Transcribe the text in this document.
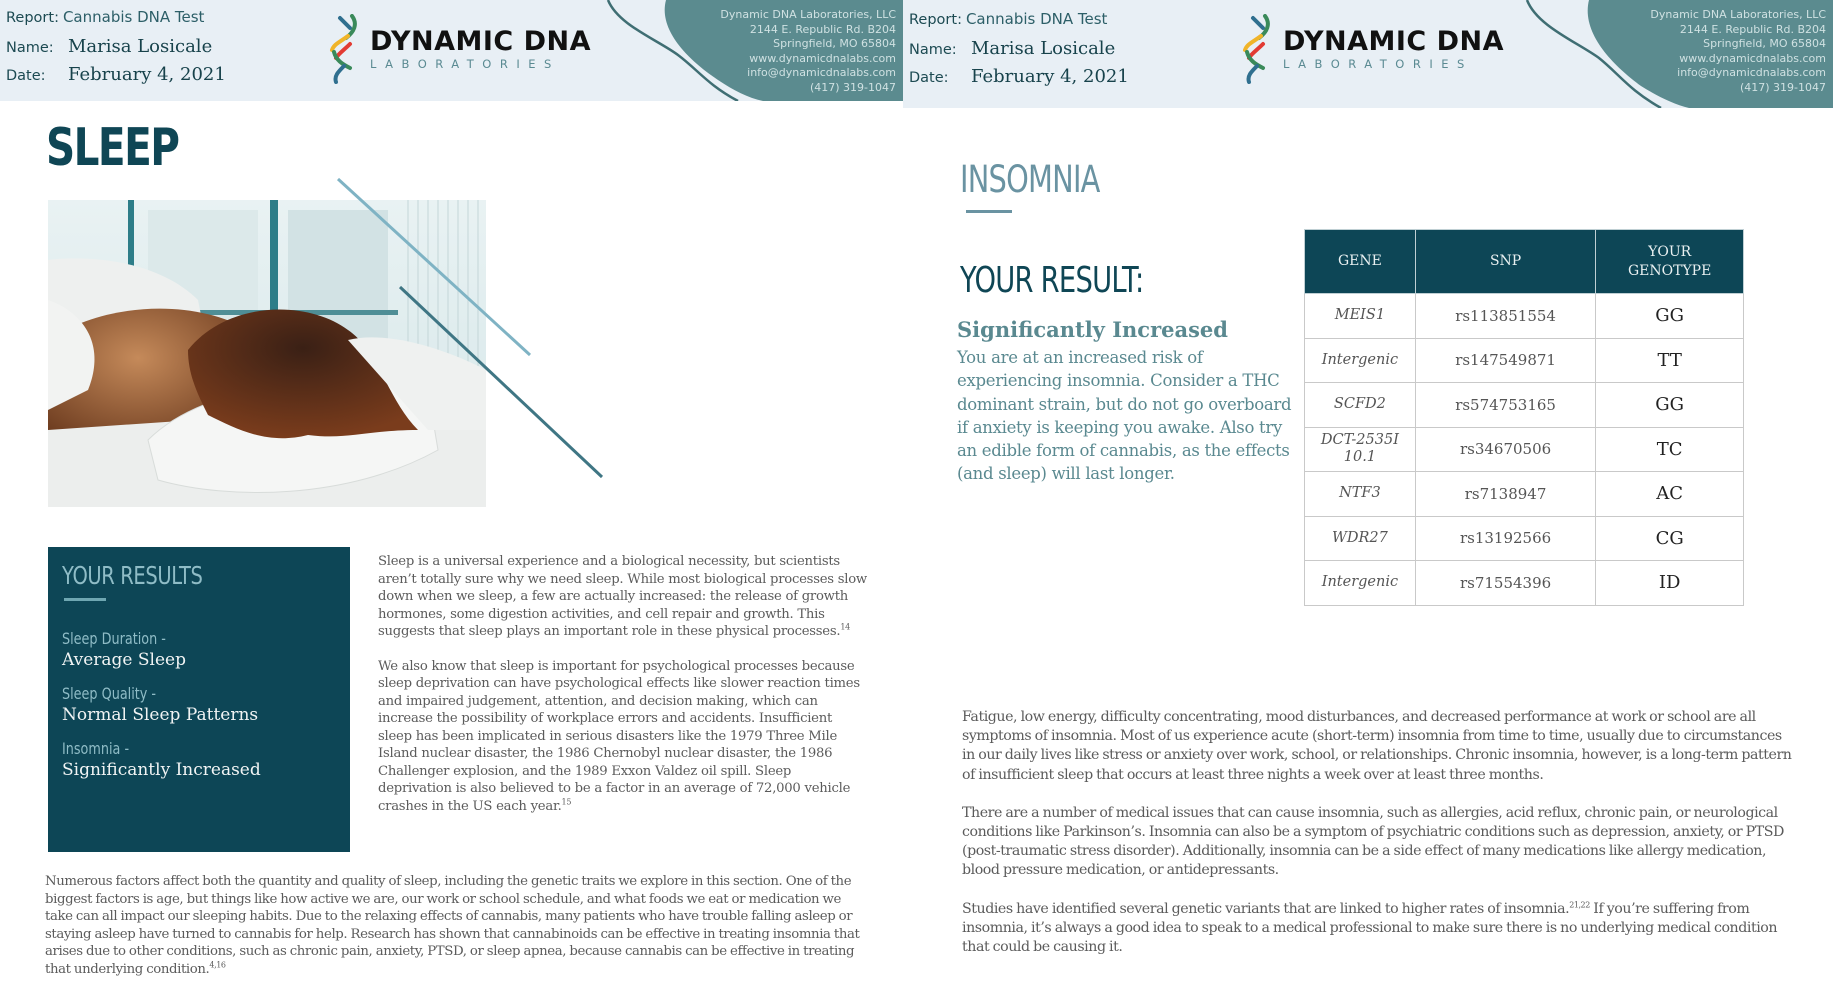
Report: Cannabis DNA Test
Name: Marisa Losicale
Date:	February 4, 2021
DYNAMIC DNA
LABORATORIES
Dynamic DNA Laboratories, LLC
2144 E. Republic Rd. B204
Springfield, MO 65804
www.dynamicdnalabs.com
info@dynamicdnalabs.com
(417) 319-1047
SLEEP
YOUR RESULTS
Sleep Duration -
Average Sleep
Sleep Quality -
Normal Sleep Patterns
Insomnia -
Significantly Increased

Sleep is a universal experience and a biological necessity, but scientists aren’t totally sure why we need sleep. While most biological processes slow down when we sleep, a few are actually increased: the release of growth hormones, some digestion activities, and cell repair and growth. This suggests that sleep plays an important role in these physical processes.$^{14}$

We also know that sleep is important for psychological processes because sleep deprivation can have psychological effects like slower reaction times and impaired judgement, attention, and decision making, which can increase the possibility of workplace errors and accidents. Insufficient sleep has been implicated in serious disasters like the 1979 Three Mile Island nuclear disaster, the 1986 Chernobyl nuclear disaster, the 1986 Challenger explosion, and the 1989 Exxon Valdez oil spill. Sleep deprivation is also believed to be a factor in an average of 72,000 vehicle crashes in the US each year.$^{15}$

Numerous factors affect both the quantity and quality of sleep, including the genetic traits we explore in this section. One of the biggest factors is age, but things like how active we are, our work or school schedule, and what foods we eat or medication we take can all impact our sleeping habits. Due to the relaxing effects of cannabis, many patients who have trouble falling asleep or staying asleep have turned to cannabis for help. Research has shown that cannabinoids can be effective in treating insomnia that arises due to other conditions, such as chronic pain, anxiety, PTSD, or sleep apnea, because cannabis can be effective in treating that underlying condition.$^{4,16}$

Report: Cannabis DNA Test
Name: Marisa Losicale
Date:	February 4, 2021
DYNAMIC DNA
LABORATORIES
Dynamic DNA Laboratories, LLC
2144 E. Republic Rd. B204
Springfield, MO 65804
www.dynamicdnalabs.com
info@dynamicdnalabs.com
(417) 319-1047
INSOMNIA
YOUR RESULT:
Significantly Increased
You are at an increased risk of experiencing insomnia. Consider a THC dominant strain, but do not go overboard if anxiety is keeping you awake. Also try an edible form of cannabis, as the effects (and sleep) will last longer.
GENE	SNP	YOUR GENOTYPE

MEIS1	rs113851554	GG
Intergenic	rs147549871	TT
SCFD2	rs574753165	GG

DCT-2535I10.1	rs34670506	TC
NTF3	rs7138947	AC
WDR27	rs13192566	CG
Intergenic	rs71554396	ID

Fatigue, low energy, difficulty concentrating, mood disturbances, and decreased performance at work or school are all symptoms of insomnia. Most of us experience acute (short-term) insomnia from time to time, usually due to circumstances in our daily lives like stress or anxiety over work, school, or relationships. Chronic insomnia, however, is a long-term pattern of insufficient sleep that occurs at least three nights a week over at least three months.

There are a number of medical issues that can cause insomnia, such as allergies, acid reflux, chronic pain, or neurological conditions like Parkinson’s. Insomnia can also be a symptom of psychiatric conditions such as depression, anxiety, or PTSD (post-traumatic stress disorder). Additionally, insomnia can be a side effect of many medications like allergy medication, blood pressure medication, or antidepressants.

Studies have identified several genetic variants that are linked to higher rates of insomnia.$^{21,22}$ If you’re suffering from insomnia, it’s always a good idea to speak to a medical professional to make sure there is no underlying medical condition that could be causing it.
